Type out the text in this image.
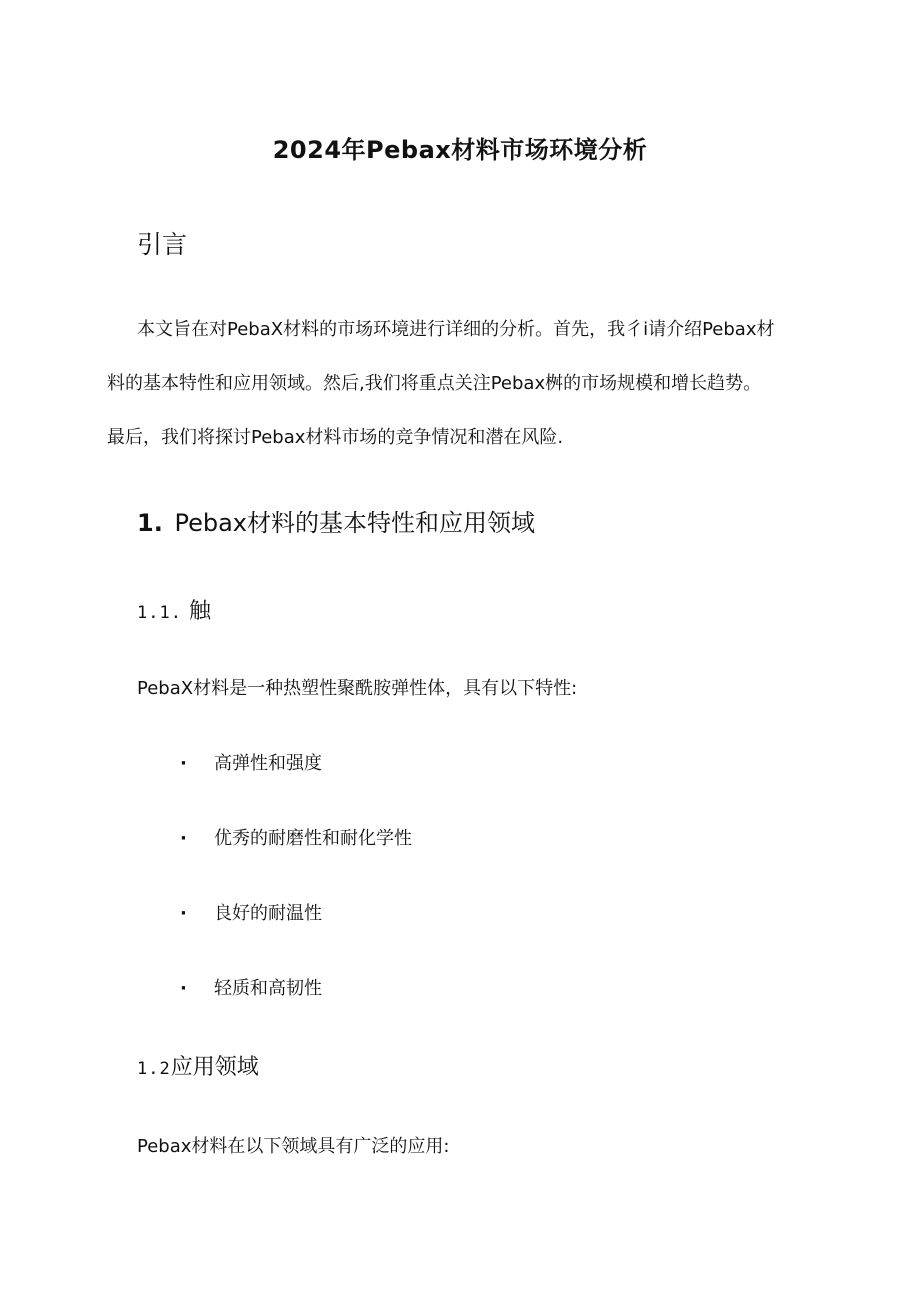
2024年Pebax材料市场环境分析
引言
本文旨在对PebaX材料的市场环境进行详细的分析。首先，我彳i请介绍Pebax材
料的基本特性和应用领域。然后,我们将重点关注Pebax桝的市场规模和增长趋势。
最后，我们将探讨Pebax材料市场的竞争情况和潜在风险.
1. Pebax材料的基本特性和应用领域
1.1. 触
PebaX材料是一种热塑性聚酰胺弹性体，具有以下特性:
· 高弹性和强度
· 优秀的耐磨性和耐化学性
· 良好的耐温性
· 轻质和高韧性
1.2应用领域
Pebax材料在以下领域具有广泛的应用:
